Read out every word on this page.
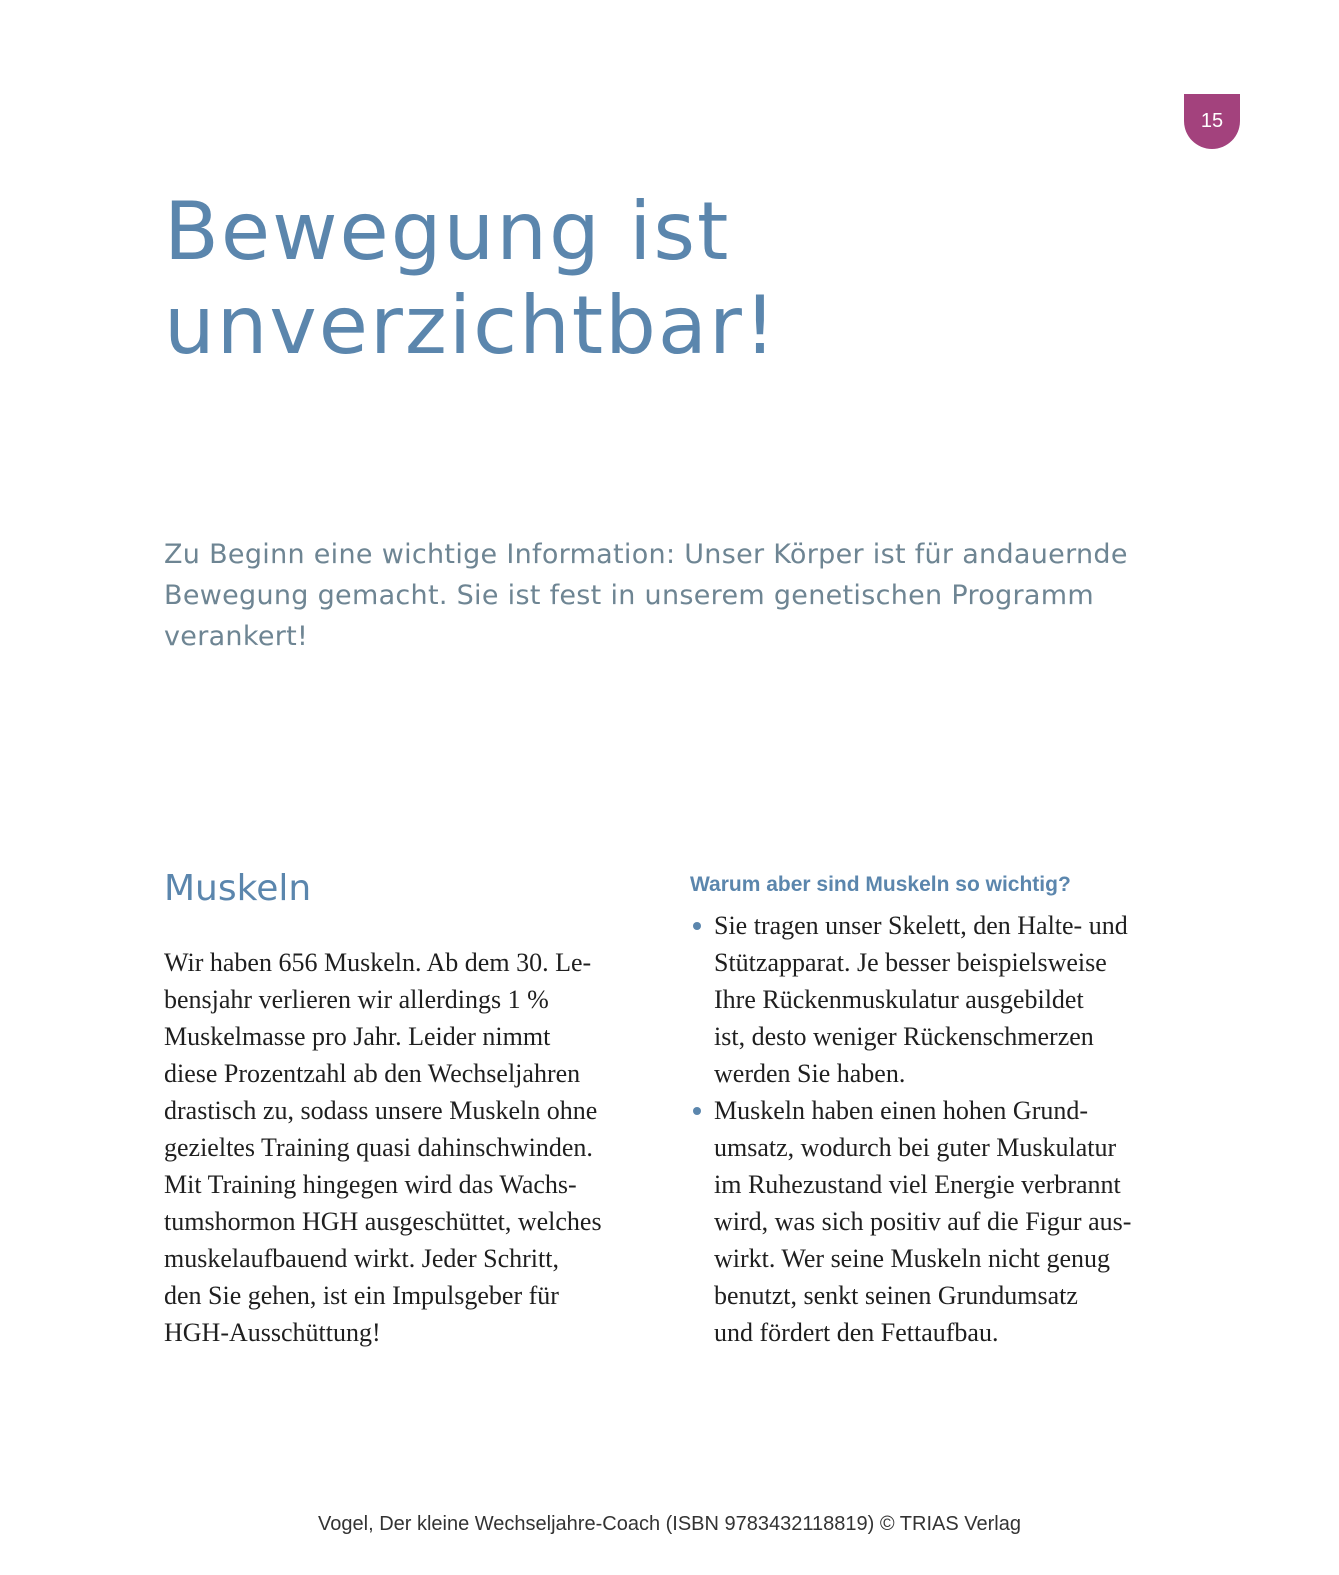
15
Bewegung ist
unverzichtbar!

Zu Beginn eine wichtige Information: Unser Körper ist für andauernde
Bewegung gemacht. Sie ist fest in unserem genetischen Programm
verankert!

Muskeln
Wir haben 656 Muskeln. Ab dem 30. Le-
bensjahr verlieren wir allerdings 1 %
Muskelmasse pro Jahr. Leider nimmt
diese Prozentzahl ab den Wechseljahren
drastisch zu, sodass unsere Muskeln ohne
gezieltes Training quasi dahinschwinden.
Mit Training hingegen wird das Wachs-
tumshormon HGH ausgeschüttet, welches
muskelaufbauend wirkt. Jeder Schritt,
den Sie gehen, ist ein Impulsgeber für
HGH-Ausschüttung!
Warum aber sind Muskeln so wichtig?
Sie tragen unser Skelett, den Halte- und
Stützapparat. Je besser beispielsweise
Ihre Rückenmuskulatur ausgebildet
ist, desto weniger Rückenschmerzen
werden Sie haben.
Muskeln haben einen hohen Grund-
umsatz, wodurch bei guter Muskulatur
im Ruhezustand viel Energie verbrannt
wird, was sich positiv auf die Figur aus-
wirkt. Wer seine Muskeln nicht genug
benutzt, senkt seinen Grundumsatz
und fördert den Fettaufbau.
Vogel, Der kleine Wechseljahre-Coach (ISBN 9783432118819) © TRIAS Verlag
